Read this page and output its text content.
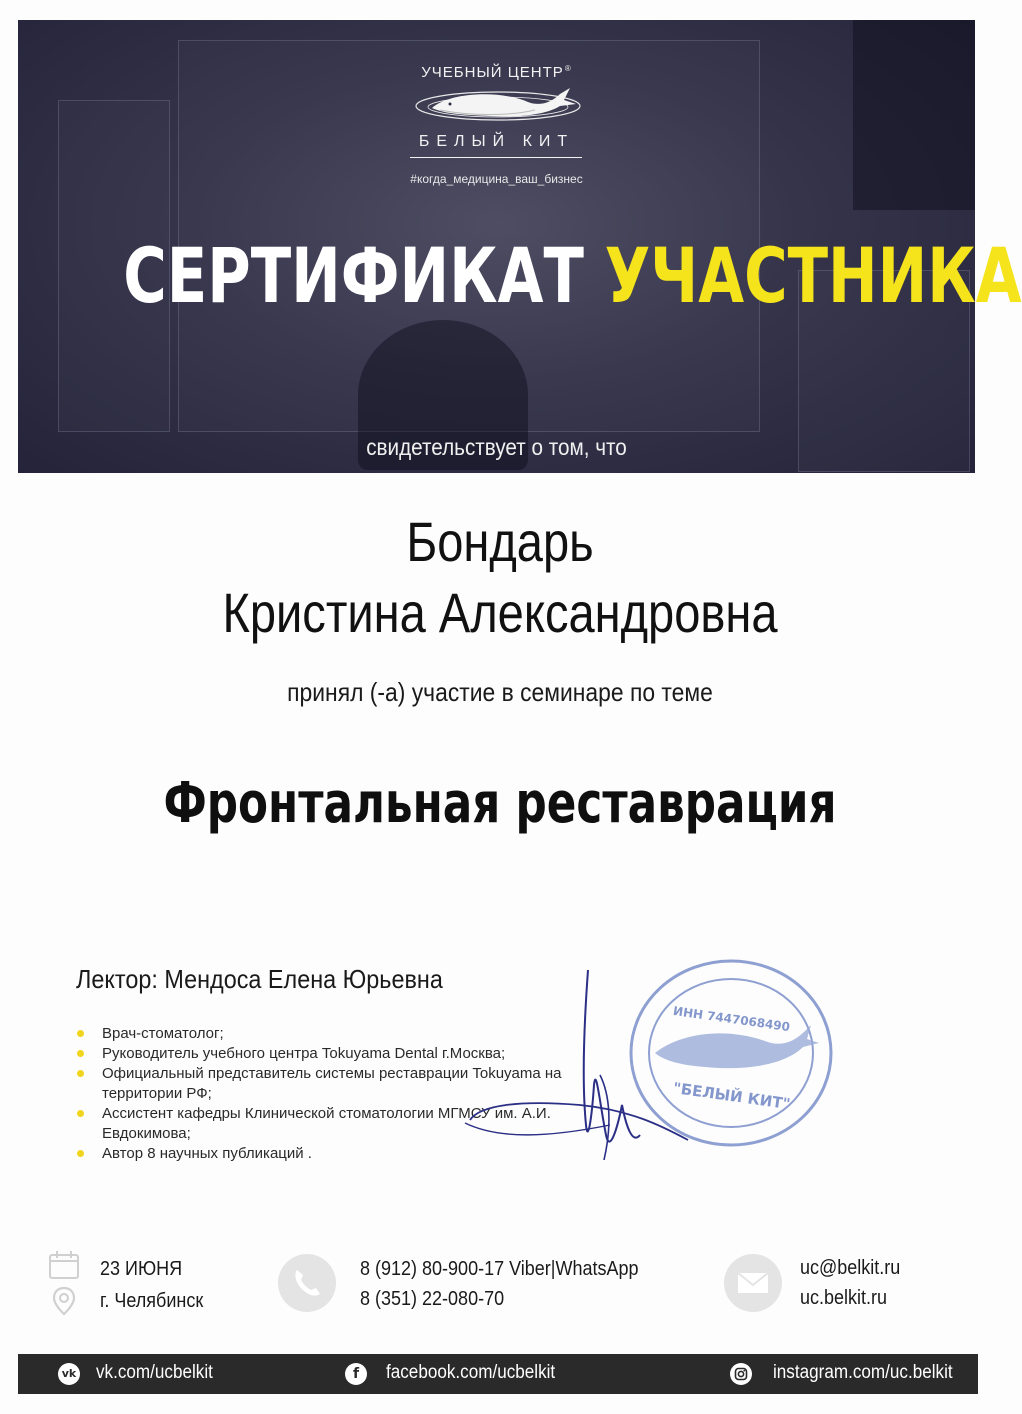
УЧЕБНЫЙ ЦЕНТР®
БЕЛЫЙ КИТ
#когда_медицина_ваш_бизнес
СЕРТИФИКАТ УЧАСТНИКА
свидетельствует о том, что
Бондарь
Кристина Александровна
принял (-а) участие в семинаре по теме
Фронтальная реставрация
Лектор: Мендоса Елена Юрьевна
Врач-стоматолог;
Руководитель учебного центра Tokuyama Dental г.Москва;
Официальный представитель системы реставрации Tokuyama на территории РФ;
Ассистент кафедры Клинической стоматологии МГМСУ им. А.И. Евдокимова;
Автор 8 научных публикаций .
ИНН 7447068490
"БЕЛЫЙ КИТ"
23 ИЮНЯ
г. Челябинск
8 (912) 80-900-17 Viber|WhatsApp
8 (351) 22-080-70
uc@belkit.ru
uc.belkit.ru
vk vk.com/ucbelkit	f	facebook.com/ucbelkit	instagram.com/uc.belkit
